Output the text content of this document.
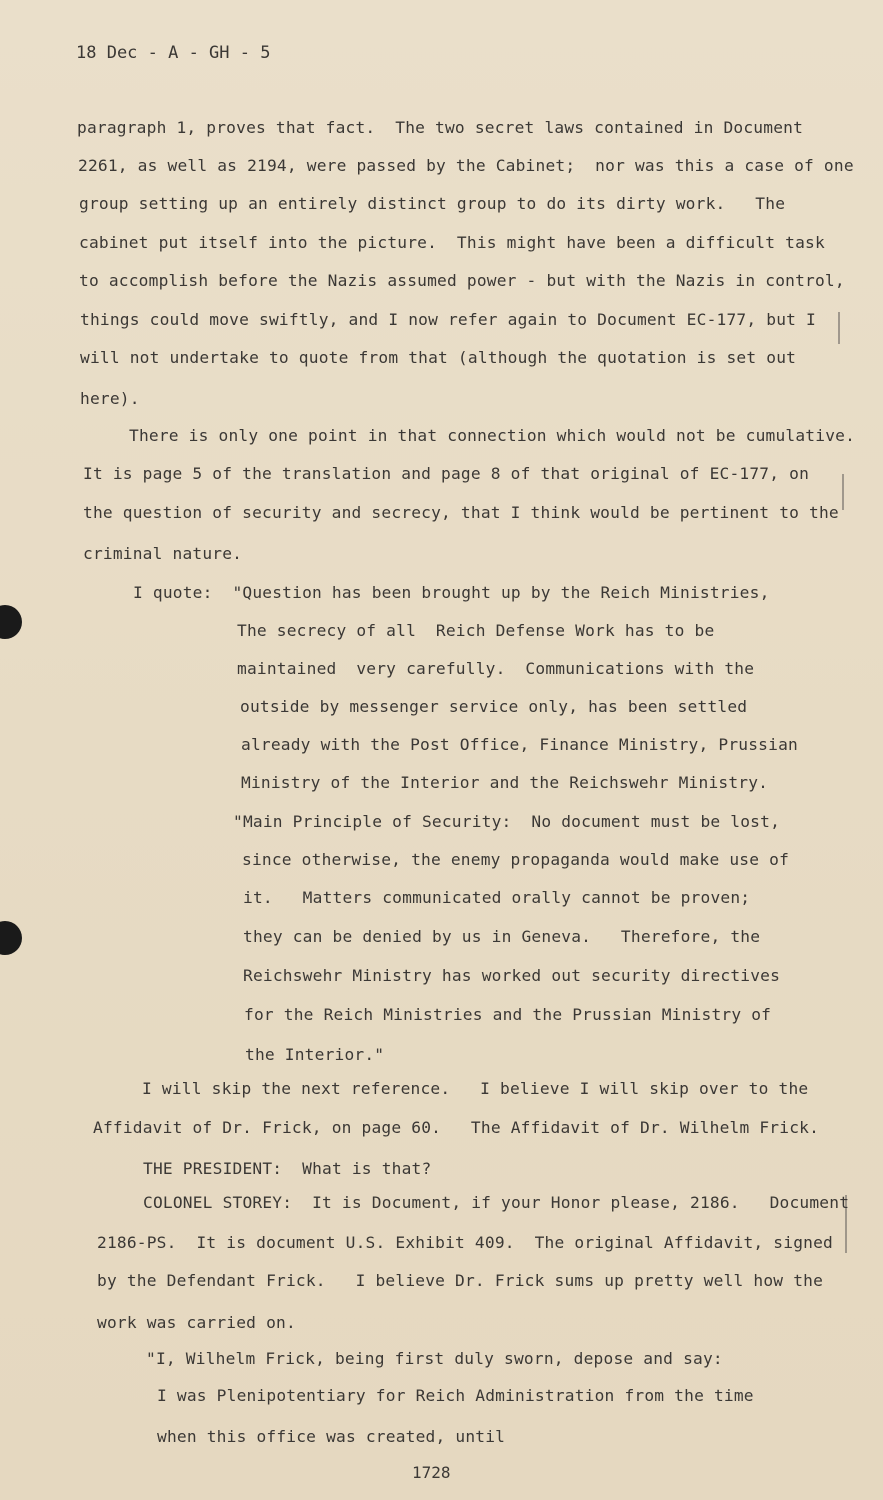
18 Dec - A - GH - 5
paragraph 1, proves that fact.  The two secret laws contained in Document
2261, as well as 2194, were passed by the Cabinet;  nor was this a case of one
group setting up an entirely distinct group to do its dirty work.   The
cabinet put itself into the picture.  This might have been a difficult task
to accomplish before the Nazis assumed power - but with the Nazis in control,
things could move swiftly, and I now refer again to Document EC-177, but I
will not undertake to quote from that (although the quotation is set out
here).
There is only one point in that connection which would not be cumulative.
It is page 5 of the translation and page 8 of that original of EC-177, on
the question of security and secrecy, that I think would be pertinent to the
criminal nature.
I quote:  "Question has been brought up by the Reich Ministries,
The secrecy of all  Reich Defense Work has to be
maintained  very carefully.  Communications with the
outside by messenger service only, has been settled
already with the Post Office, Finance Ministry, Prussian
Ministry of the Interior and the Reichswehr Ministry.
"Main Principle of Security:  No document must be lost,
since otherwise, the enemy propaganda would make use of
it.   Matters communicated orally cannot be proven;
they can be denied by us in Geneva.   Therefore, the
Reichswehr Ministry has worked out security directives
for the Reich Ministries and the Prussian Ministry of
the Interior."
I will skip the next reference.   I believe I will skip over to the
Affidavit of Dr. Frick, on page 60.   The Affidavit of Dr. Wilhelm Frick.
THE PRESIDENT:  What is that?
COLONEL STOREY:  It is Document, if your Honor please, 2186.   Document
2186-PS.  It is document U.S. Exhibit 409.  The original Affidavit, signed
by the Defendant Frick.   I believe Dr. Frick sums up pretty well how the
work was carried on.
"I, Wilhelm Frick, being first duly sworn, depose and say:
I was Plenipotentiary for Reich Administration from the time
when this office was created, until
1728
